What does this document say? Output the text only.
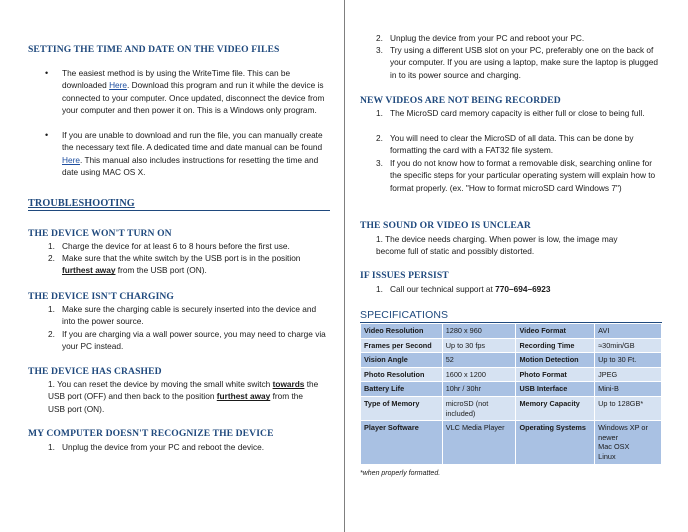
SETTING THE TIME AND DATE ON THE VIDEO FILES
• The easiest method is by using the WriteTime file. This can be downloaded Here. Download this program and run it while the device is connected to your computer. Once updated, disconnect the device from your computer and then power it on. This is a Windows only program.

• If you are unable to download and run the file, you can manually create the necessary text file. A dedicated time and date manual can be found Here. This manual also includes instructions for resetting the time and date using MAC OS X.

TROUBLESHOOTING
THE DEVICE WON'T TURN ON
1. Charge the device for at least 6 to 8 hours before the first use.

2. Make sure that the white switch by the USB port is in the position furthest away from the USB port (ON).

THE DEVICE ISN'T CHARGING
1. Make sure the charging cable is securely inserted into the device and into the power source.

2. If you are charging via a wall power source, you may need to charge via your PC instead.

THE DEVICE HAS CRASHED

1. You can reset the device by moving the small white switch towards the USB port (OFF) and then back to the position furthest away from the USB port (ON).

MY COMPUTER DOESN'T RECOGNIZE THE DEVICE
1. Unplug the device from your PC and reboot the device.

2. Unplug the device from your PC and reboot your PC.

3. Try using a different USB slot on your PC, preferably one on the back of your computer. If you are using a laptop, make sure the laptop is plugged in to its power source and charging.

NEW VIDEOS ARE NOT BEING RECORDED
1. The MicroSD card memory capacity is either full or close to being full.

2. You will need to clear the MicroSD of all data. This can be done by formatting the card with a FAT32 file system.

3. If you do not know how to format a removable disk, searching online for the specific steps for your particular operating system will explain how to format properly. (ex. "How to format microSD card Windows 7")

THE SOUND OR VIDEO IS UNCLEAR

1. The device needs charging. When power is low, the image may become full of static and possibly distorted.

IF ISSUES PERSIST
1. Call our technical support at 770–694–6923

SPECIFICATIONS
Video Resolution	1280 x 960	Video Format	AVI
Frames per Second	Up to 30 fps	Recording Time	≈30min/GB
Vision Angle	52	Motion Detection	Up to 30 Ft.
Photo Resolution	1600 x 1200	Photo Format	JPEG
Battery Life	10hr / 30hr	USB Interface	Mini-B
Type of Memory	microSD (not included)	Memory Capacity	Up to 128GB*
Player Software	VLC Media Player	Operating Systems	Windows XP or newer
Mac OSX
Linux
*when properly formatted.
